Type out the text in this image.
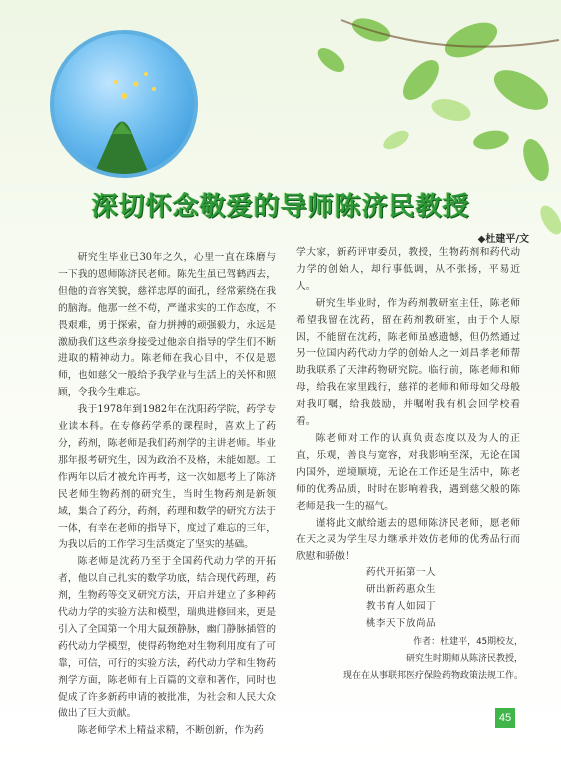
深切怀念敬爱的导师陈济民教授
◆杜建平/文

研究生毕业已30年之久，心里一直在珠磨与一下我的恩师陈济民老师。陈先生虽已驾鹤西去，但他的音容笑貌，慈祥忠厚的面孔，经常萦绕在我的脑海。他那一丝不苟，严谨求实的工作态度，不畏艰难，勇于探索，奋力拼搏的顽强毅力，永远是激励我们这些亲身接受过他亲自指导的学生们不断进取的精神动力。陈老师在我心目中，不仅是恩师，也如慈父一般给予我学业与生活上的关怀和照顾，令我今生难忘。

我于1978年到1982年在沈阳药学院，药学专业读本科。在专修药学系的课程时，喜欢上了药分，药剂，陈老师是我们药剂学的主讲老师。毕业那年报考研究生，因为政治不及格，未能如愿。工作两年以后才被允许再考，这一次如愿考上了陈济民老师生物药剂的研究生，当时生物药剂是新领域，集合了药分，药剂，药理和数学的研究方法于一体，有幸在老师的指导下，度过了难忘的三年，为我以后的工作学习生活奠定了坚实的基础。

陈老师是沈药乃至于全国药代动力学的开拓者，他以自己扎实的数学功底，结合现代药理，药剂，生物药等交叉研究方法，开启并建立了多种药代动力学的实验方法和模型，瑞典进修回来，更是引入了全国第一个用大鼠颈静脉，幽门静脉插管的药代动力学模型，使得药物绝对生物利用度有了可靠，可信，可行的实验方法，药代动力学和生物药剂学方面，陈老师有上百篇的文章和著作，同时也促成了许多新药申请的被批准，为社会和人民大众做出了巨大贡献。

陈老师学术上精益求精，不断创新，作为药

学大家，新药评审委员，教授，生物药剂和药代动力学的创始人，却行事低调，从不张扬，平易近人。

研究生毕业时，作为药剂教研室主任，陈老师希望我留在沈药，留在药剂教研室，由于个人原因，不能留在沈药，陈老师虽感遗憾，但仍然通过另一位国内药代动力学的创始人之一刘昌孝老师帮助我联系了天津药物研究院。临行前，陈老师和师母，给我在家里践行，慈祥的老师和师母如父母般对我叮嘱，给我鼓励，并嘱咐我有机会回学校看看。

陈老师对工作的认真负责态度以及为人的正直，乐观，善良与宽容，对我影响至深，无论在国内国外，逆境顺境，无论在工作还是生活中，陈老师的优秀品质，时时在影响着我，遇到慈父般的陈老师是我一生的福气。

谨将此文献给逝去的恩师陈济民老师，愿老师在天之灵为学生尽力继承并效仿老师的优秀品行而欣慰和骄傲！

药代开拓第一人
研出新药惠众生
教书育人如园丁
桃李天下放尚品
作者：杜建平，45期校友，
研究生时期师从陈济民教授，
现在在从事联邦医疗保险药物政策法规工作。
45
